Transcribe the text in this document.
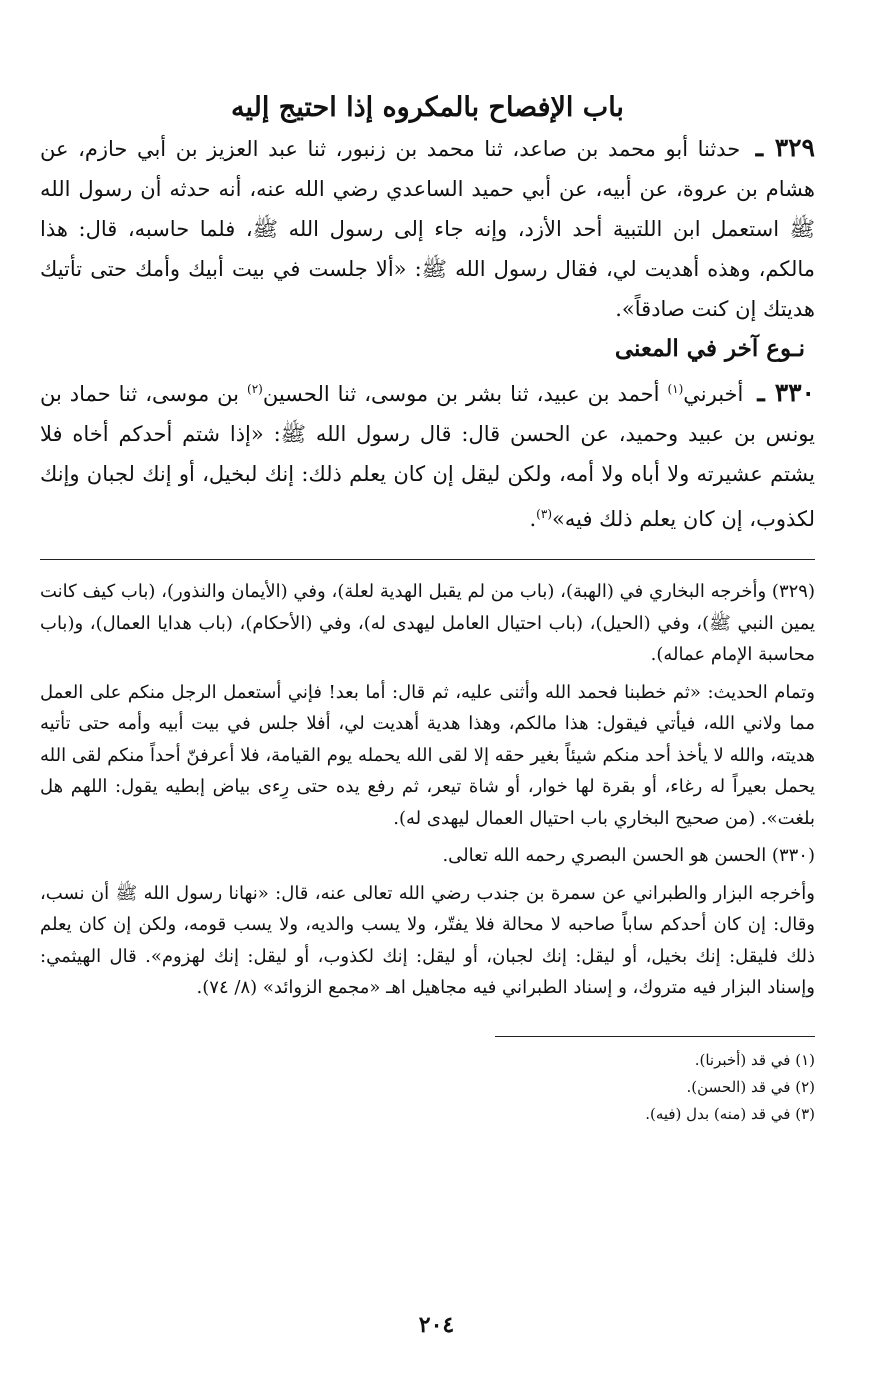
باب الإفصاح بالمكروه إذا احتيج إليه

٣٢٩ ـ حدثنا أبو محمد بن صاعد، ثنا محمد بن زنبور، ثنا عبد العزيز بن أبي حازم، عن هشام بن عروة، عن أبيه، عن أبي حميد الساعدي رضي الله عنه، أنه حدثه أن رسول الله ﷺ استعمل ابن اللتبية أحد الأزد، وإنه جاء إلى رسول الله ﷺ، فلما حاسبه، قال: هذا مالكم، وهذه أهديت لي، فقال رسول الله ﷺ: «ألا جلست في بيت أبيك وأمك حتى تأتيك هديتك إن كنت صادقاً».

نـوع آخر في المعنى

٣٣٠ ـ أخبرني$^{(١)}$ أحمد بن عبيد، ثنا بشر بن موسى، ثنا الحسين$^{(٢)}$ بن موسى، ثنا حماد بن يونس بن عبيد وحميد، عن الحسن قال: قال رسول الله ﷺ: «إذا شتم أحدكم أخاه فلا يشتم عشيرته ولا أباه ولا أمه، ولكن ليقل إن كان يعلم ذلك: إنك لبخيل، أو إنك لجبان وإنك لكذوب، إن كان يعلم ذلك فيه»$^{(٣)}$.

(٣٢٩) وأخرجه البخاري في (الهبة)، (باب من لم يقبل الهدية لعلة)، وفي (الأيمان والنذور)، (باب كيف كانت يمين النبي ﷺ)، وفي (الحيل)، (باب احتيال العامل ليهدى له)، وفي (الأحكام)، (باب هدايا العمال)، و(باب محاسبة الإمام عماله).

وتمام الحديث: «ثم خطبنا فحمد الله وأثنى عليه، ثم قال: أما بعد! فإني أستعمل الرجل منكم على العمل مما ولاني الله، فيأتي فيقول: هذا مالكم، وهذا هدية أهديت لي، أفلا جلس في بيت أبيه وأمه حتى تأتيه هديته، والله لا يأخذ أحد منكم شيئاً بغير حقه إلا لقى الله يحمله يوم القيامة، فلا أعرفنّ أحداً منكم لقى الله يحمل بعيراً له رغاء، أو بقرة لها خوار، أو شاة تيعر، ثم رفع يده حتى رِءى بياض إبطيه يقول: اللهم هل بلغت». (من صحيح البخاري باب احتيال العمال ليهدى له).

(٣٣٠) الحسن هو الحسن البصري رحمه الله تعالى.

وأخرجه البزار والطبراني عن سمرة بن جندب رضي الله تعالى عنه، قال: «نهانا رسول الله ﷺ أن نسب، وقال: إن كان أحدكم ساباً صاحبه لا محالة فلا يفتّر، ولا يسب والديه، ولا يسب قومه، ولكن إن كان يعلم ذلك فليقل: إنك بخيل، أو ليقل: إنك لجبان، أو ليقل: إنك لكذوب، أو ليقل: إنك لهزوم». قال الهيثمي: وإسناد البزار فيه متروك، و إسناد الطبراني فيه مجاهيل اهـ «مجمع الزوائد» (٨/ ٧٤).

(١) في قد (أخبرنا).

(٢) في قد (الحسن).

(٣) في قد (منه) بدل (فيه).

٢٠٤
